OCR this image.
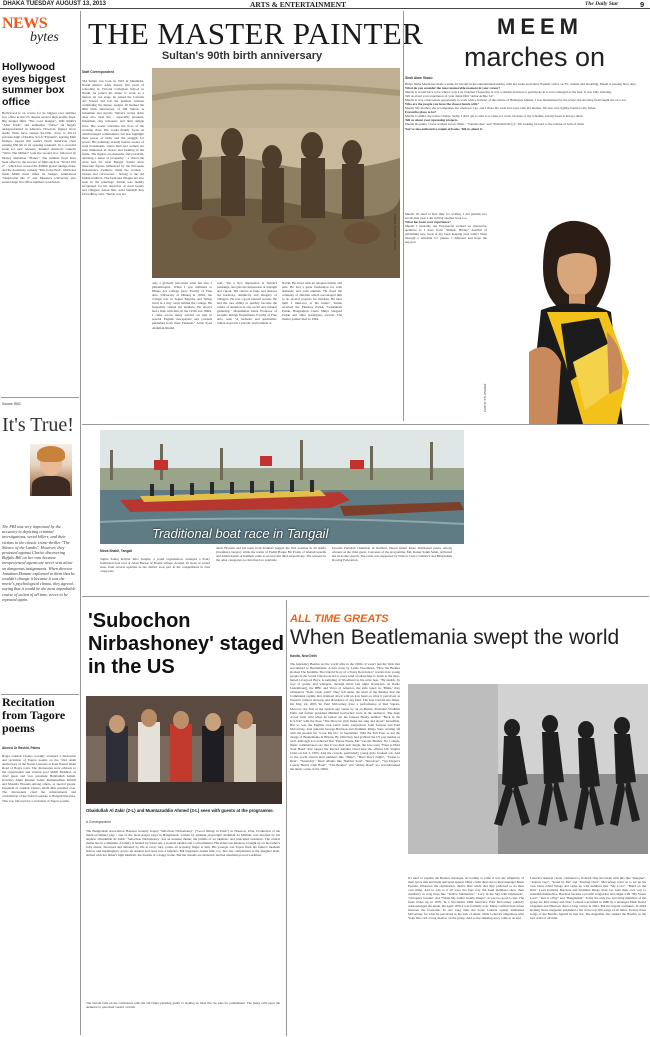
DHAKA TUESDAY AUGUST 13, 2013	ARTS & ENTERTAINMENT	The Daily Star	9
NEWS
bytes
Hollywood eyes biggest summer box office
Hollywood is on course for its biggest ever summer box office in the US despite several high-profile flops. Big budget films "The Lone Ranger", Will Smith's "After Earth" and animation "Turbo" all hugely underperformed in America. However, figures show studio films have earned $4.15bn, close to 2011's previous high of $4.4bn. Sci-fi "Elysium", starring Matt Damon, topped this week's North American chart earning $30.5m in its opening weekend. In a crowded week for new releases, Jennifer Aniston's comedy "We're The Millers" took the second slot, followed by Disney animation "Planes". The summer flops have been offset by the success of films such as "World War Z" - which has crossed the $500m global takings mark, and the doomsday comedy "This Is the End", which has made $94m three times its budget. Animations "Despicable Me 2" and Monsters University also earned huge box office numbers worldwide.
Source: BBC
It's True!
The FBI was very impressed by the accuracy in depicting criminal investigations, serial killers, and their victims in the classic crime-thriller "The Silence of the Lambs". However, they protested against Clarice discovering Buffalo Bill on her own because inexperienced agents are never sent alone on dangerous assignments. When director Jonathan Demme explained to them that he wouldn't change it because it was the movie's psychological climax, they agreed, saying that it would be the most improbable course of action of all time, never to be repeated again.
Recitation from Tagore poems
Ahmed Ur Rashid, Pabna
Bogra Lekhok Chokro recently arranged a discussion and recitation of Tagore poems on the 72nd death anniversary of the Nobel Laureate at Kazi Nazrul Islam Road of Bogra town. The discussants were advisers to the organisation and veteran poet Shibli Mokhtar, as chief guest and vice president Habibullah Ismail, secretary Amin Moulan Sohel, Mamunadmar Kibbdi and Mustafa Hossain among others, as special guests. President of Lekhok Chokro Islam Mia presided over. The discussants cited the achievements and contribution of the Nobel Laureate to Bengali literature. This was followed by a recitation of Tagore poems.
THE MASTER PAINTER
Sultan's 90th birth anniversary
Staff Correspondent
SM Sultan was born in 1923 in Masimdia, Narail district. After merely five years of schooling in Victoria Collegiate School in Narail, he joined his father to work as a mason. At one stage, he joined the Calcutta Art School but left the institute without completing his degree. August 10 marked the 90th birth anniversary of SM Sultan. A bohemian and mystic, Sultan's works delve deep into rural life - especially peasants, fishermen, day labourers and their simple lives. His works articulate the lives of the working class. His works mainly focus on disadvantaged communities, but also highlight their power of unity and the struggle for power. His paintings usually feature scenes of rural households, where men and women are seen immersed in chores and farming in the fields. The figures are muscular and powerful, denoting a sense of prosperity - a vision the artist had for rural Bengal. Sultan drew muscular figures influenced by the European Renaissance tradition, while the women - feature and curvaceous - belong to the old Indian tradition. The farm and villages are also seen in the paintings. Sultan was mainly recognised for his depiction of rural beauty and villagers. About him, artist Samarjit Roy Chowdhury said, "Sultan was not
PHOTO: NADIR ALI MAMUN
only a globally renowned artist but also a philanthropist. When I was admitted to Dhaka Art College (now Faculty of Fine Arts, University of Dhaka) in 1950s, the college was in Segun Bagicha and Sultan lived in a tiny room behind the college. He frequently visited the institute. He always had a flute with him. In the 1950s and 1960s, I came across many articles on him in several English newspapers and journals published from West Pakistan." Artist Syed Abdullah Khalid
said, "On a first impression at Sultan's paintings, one gets the impression of strength and vigour. His canvas is huge and denotes the harmony, simplicity and integrity of villagers. He was a good natured secular. He had the rare ability to quickly become the centre of attention in any social and cultural gathering." Mohammad Ismai Professor of Graphic Design Department, Faculty of Fine Arts, said, "A bachelor and spiritualist, Sultan stayed in a bucolic environment at
Narail. He lived with an adopted family and pets. He had a great fascination for both domestic and wild animals. He fixed the company of children which encouraged him to do several projects for children. He later built a mini-zoo at his home." Sultan received the Ekushey Padak, Swadhinata Padak, Bangladesh Charu Shilpi Sangsad Padak and other prestigious awards. The master painter died in 1994.
MEEM
marches on
Shah Alam Shazu

Bidya Sinha Meem has made a name for herself in the entertainment media, with her looks and talent. Equally active on TV, cinema and modeling, Meem is passing busy days.

What do you consider the most memorable moment in your career?

Meem: It would have to be when I won Lux Channel i Superstar. It was a sudden decision to participate in it, but I emerged as the best. It was truly amazing.

Tell us about your experience of your debut film "Amar Achhe Jol".

Meem: It was a marvelous opportunity to work with a stalwart of the stature of Humayun Ahmed. I was mesmerised by the script; the shooting field taught me a lot too.

Who are the people you have the closest bonds with?

Meem: My mother; she accompanies me wherever I go, and I share my weal and woes with my mother. I'm also very tightly-bound to my father.

Favourite place to be?

Meem: Comilla, my native village. Sadly, I don't get to visit it as often as I want, because of my schedule, but my heart is always there.

Tell us about your upcoming projects.

Meem: Recently, I have worked in two films - "Sonalee Aks" and "Pritiidii Patti (s)". I'm looking forward to the release of both of them.

You've also authored a couple of books. Tell us about it.

Meem: It's hard to find time for writing. I did publish two novels this year. I am writing another book too.

What has been your experience?

Meem: I basically use Eid-special worked on characters, audience it. I have from "Shahdo Hriday" heartful of publishing new book at my been keeping pied lately! Went through a schedule for planes. I different and hope the enjoyed.

PHOTO: STL ASHRAF
Traditional boat race in Tangail
Mirza Shakil, Tangail
Sigma Samaj Kalyan Jubo Sangha, a youth organisation, arranged a lively traditional boat race at Jatali Bazaar of Boalia village. Around 10 boats of varied sizes from several upazilas in the district took part in the competitions in four categories.
Amir Hossain and his team from Kalihati bagged the first position in 50 shaffa (boatmen) category while the teams of Fazlul Haque Bir Protik of Ghatail upazila and Abdul Karim of Kalihati came as second and third respectively. The winners in the other categories too had much to celebrate.
Upazila Parishad Chairman in Kalihati, Hasan Imam Khan distributed prizes among winners as the chief guest. Convener of the programme, Md. Kaiser Saikh Saleh, delivered the welcome speech. The event was supported by Walton, Cute Cosmetics and Bangladesh Rowing Federation.
'Subochon Nirbashoney' staged in the US
Obaidullah Al Zakir (2-L) and Mumtazuddin Ahmed (3-L) seen with guests at the programme.
A Correspondent
The Bangladesh Association Houston recently staged "Subochon Nirbashoney" ("Good tidings in Exile") in Houston, USA. Production of the much-acclaimed play - one of the most-staged plays in Bangladesh, written by eminent playwright Abdullah Al Mamun, was directed by his nephew Obaidullah Al Zakir. "Subochon Nirbashoney" has an unusual theme; the pitfalls of an idealistic and principled existence. The central theme lies in a dilemma. A family is headed by Sabur Ali, a staunch idealist and a schoolmaster. His eldest son Khokon, brought up on his father's lofty ideals, disowned and defeated by life at every turn, points an accusing finger at him. His younger son Topon finds his father's idealism hollow and meaningless; grows up student and turns into a hijacker. But happiness eludes him, too. The last complainant is the daughter Rani. Armed with her father's high idealism, the dreams of a happy home. But her dreams are shattered, and her idealism proved worthless.
The curtain falls on the continuous with the old father pleading guilty to leading an ideal life; he asks for punishment. The judge calls upon the audience to pass their verdict on him.
ALL TIME GREATS
When Beatlemania swept the world
Kavita, New Delhi
The legendary Beatles set the world afire in the 1960s. It wasn't just the West that succumbed to Beatlemania. A new book by Leslie Woodhead, "How the Beatles Rocked The Kremlin: The Untold Story of a Noisy Revolution" reveals how young people in the Soviet Union reacted to every kind of subterfuge to listen to the mop-haired Liverpool Boys. A sampling of Woodhead as his write hear. "By stealth, by way of gossip and whispers, through illicit late night broadcasts on Radio Luxembourg, the BBC and Voice of America, the kids tuned in. 'Bitles,' they whispered, 'Yeah, yeah, yeah!' They fell under the spell of the Beatles that the Communist regime that clamped down with an iron hand on what it perceived as Western cultural invasion and dissidence of any kind. The Iron Curtain has fallen. On May 24, 2003 Sir Paul McCartney gave a performance at Red Square, Moscow, the first at the nuclear-age venue by an ex-Beatle. President Vladimir Putin and former president Mikhail Gorbachev were in the audience. The huge crowd went wild when he belted out the famous Beatly number "Back in the U.S.S.R" with the lines "The Moscow girls make me sing and shout" Incredible. But so was the English rock band; main songwriters John Lennon and Paul McCartney, lead guitarist George Harrison and drummer Ringo Starr, starting off with the modest hit "Love Me Do" in September 1962 the Fab Four as led the charge of Beatlemania in Britain. By 1964 they had grabbed the US pop market as well. Although it is believed that "Please Please Me" was the Beatles' No 1 single, music commentators say that it was their next single, the love song "Want to Hold Your Hand" that topped the Record Retailer Chart-later the official UK Singles Chart-on Jan 2, 1963. And the crowds, particularly young girls, freaked out. And so the world started their numbers like "Help!", "Hard Day's Night", "Ticket to Ride", "Yesterday". Their albums like "Rubber Soul", "Revolver", "Sgt Pepper's Lonely Hearts Club Band", "The Beatles" and "Abbey Road" too revolutionised the music scene of the 1960s.
It's hard to explain the Beatles mystique. According to some it was the simplicity of their lyrics that lent them universal appeal. Other credit their rise to their manager Brian Epstein. Whatever the explanation, there's little doubt that they preferred to do their own thing. And to add to it all were the fans way the band members show their chemistry in song lines like "Yellow Submarine", "Lucy in the Sky with Diamonds", "Octopus's Garden" and "While My Guitar Gently Weeps". It was too good to last. The band broke up in 1970. In a November 1969 interview Paul McCartney publicly acknowledged the break. On April 1970 it was formally over. Many conflicts had arisen between the foursome. In one song after the book, Lennon openly lambasted McCartney for what he perceived as his lack of talent, while Lennon's ubiquitous wife Yoko Ono cast a long shadow on the group. And so the amazing story came to an end.
Lennon's musical career continued to flourish after the break with hits like "Imagine", "Jealous Guy", "Stand by Me" and "Starting Over". McCartney went on to set up his own band called Wings and came up with numbers like "My Love", "Band on the Run". Lead Guitarist Harrison and drummer Ringo Starr too went their own way to establish themselves. Harrison became a prolific songwriter and singer with "My Sweet Lord", "Isn't it a Pity" and "Bangladesh". Today the only two surviving members of the group are McCartney and Starr. Lennon was killed in 1980 by a deranged Mark David Chapman and Harrison died of lung cancer in 2001. But the legend continues. In 2004 Rolling Stone magazine published a list of the top 500 songs of all times. Twenty three songs of the Beatles figured in that list. The magazine also ranked the Beatles as the best artist of all time.
